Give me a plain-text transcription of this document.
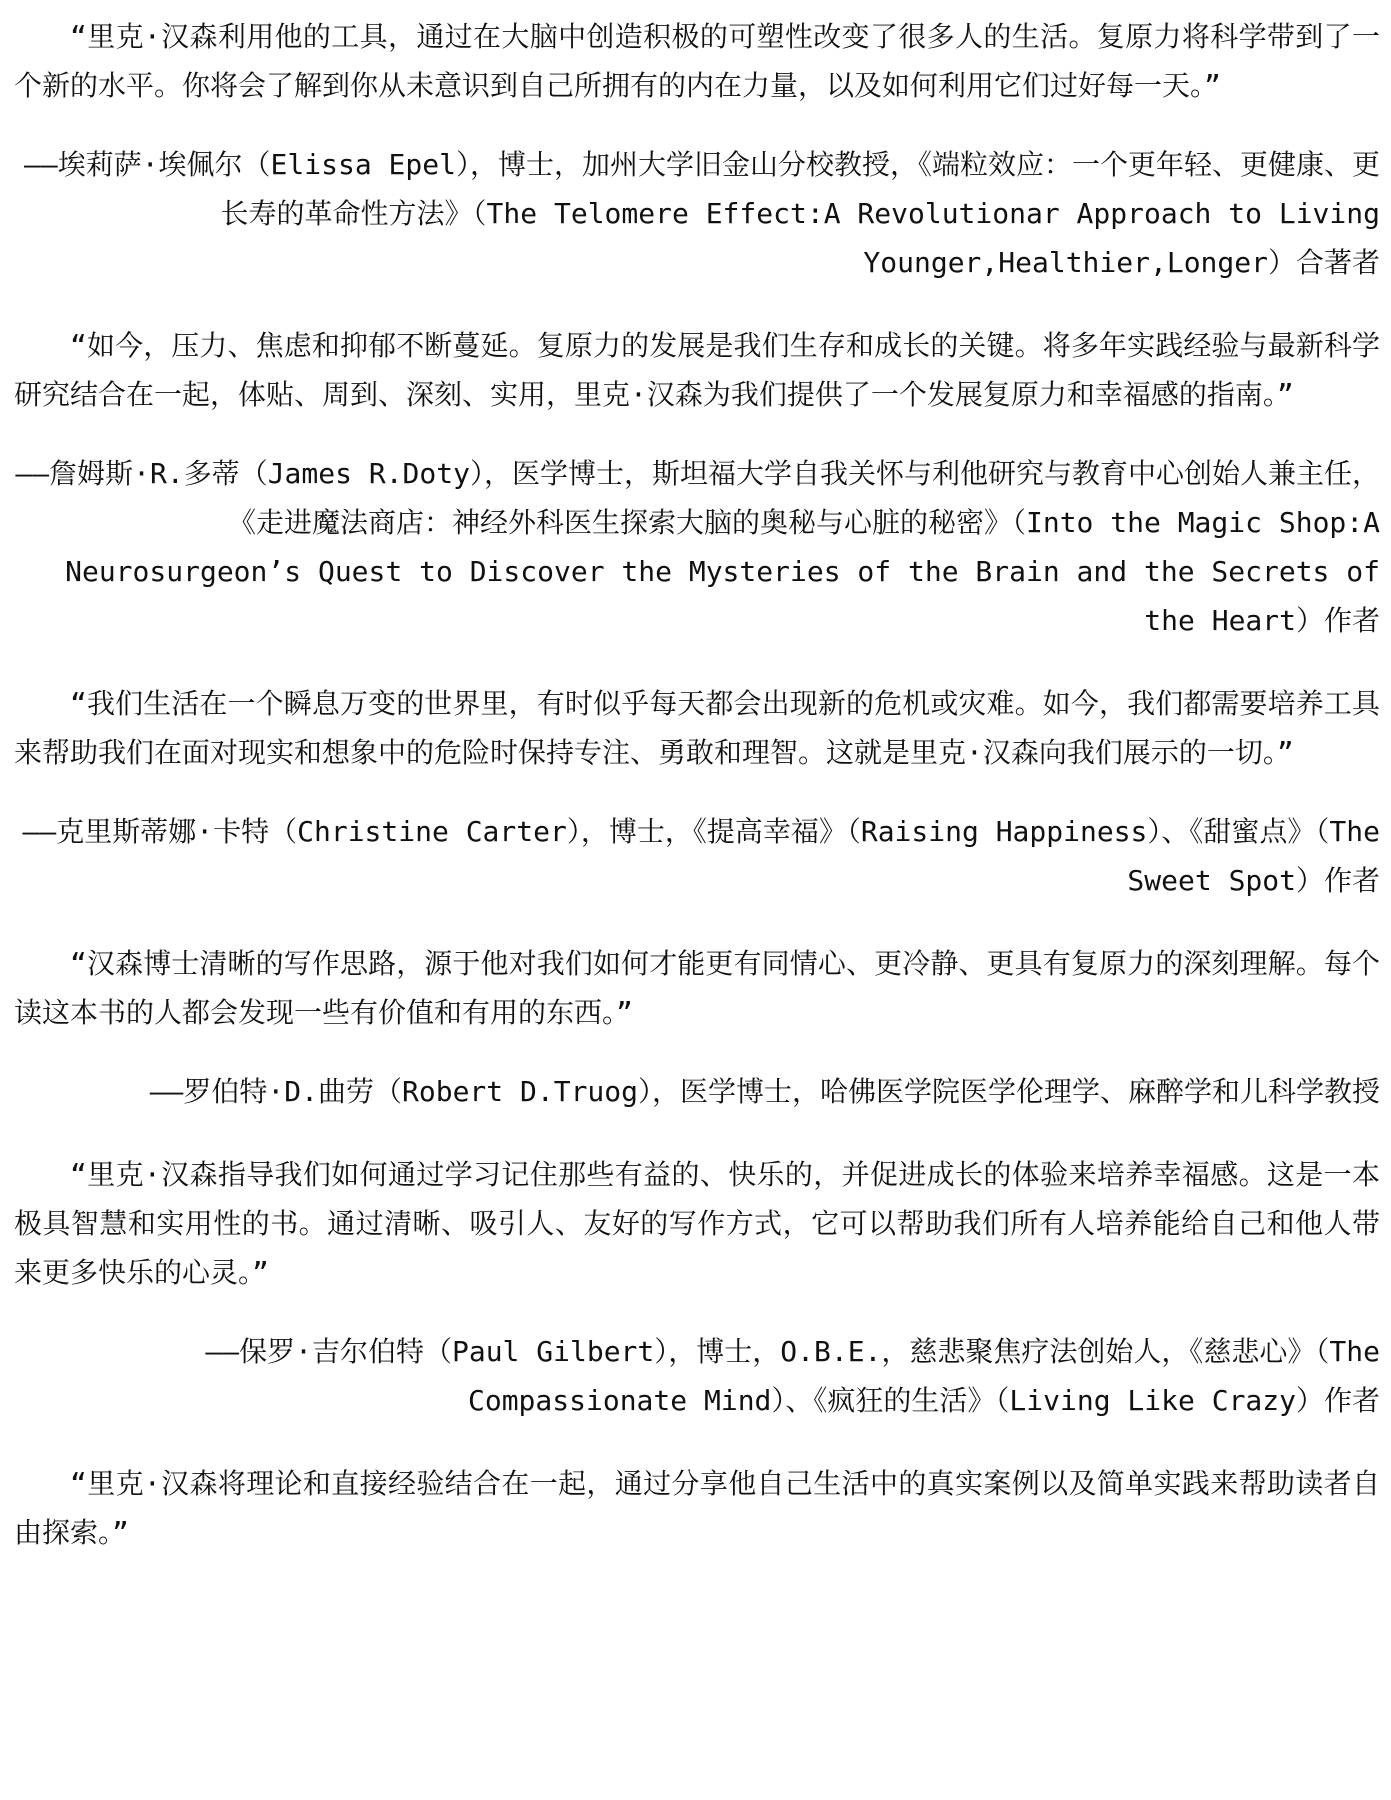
“里克·汉森利用他的工具，通过在大脑中创造积极的可塑性改变了很多人的生活。复原力将科学带到了一个新的水平。你将会了解到你从未意识到自己所拥有的内在力量，以及如何利用它们过好每一天。”

——埃莉萨·埃佩尔（Elissa Epel），博士，加州大学旧金山分校教授，《端粒效应：一个更年轻、更健康、更长寿的革命性方法》（The Telomere Effect:A Revolutionar Approach to Living Younger,Healthier,Longer）合著者

“如今，压力、焦虑和抑郁不断蔓延。复原力的发展是我们生存和成长的关键。将多年实践经验与最新科学研究结合在一起，体贴、周到、深刻、实用，里克·汉森为我们提供了一个发展复原力和幸福感的指南。”

——詹姆斯·R.多蒂（James R.Doty），医学博士，斯坦福大学自我关怀与利他研究与教育中心创始人兼主任，《走进魔法商店：神经外科医生探索大脑的奥秘与心脏的秘密》（Into the Magic Shop:A Neurosurgeon’s Quest to Discover the Mysteries of the Brain and the Secrets of the Heart）作者

“我们生活在一个瞬息万变的世界里，有时似乎每天都会出现新的危机或灾难。如今，我们都需要培养工具来帮助我们在面对现实和想象中的危险时保持专注、勇敢和理智。这就是里克·汉森向我们展示的一切。”

——克里斯蒂娜·卡特（Christine Carter），博士，《提高幸福》（Raising Happiness）、《甜蜜点》（The Sweet Spot）作者

“汉森博士清晰的写作思路，源于他对我们如何才能更有同情心、更冷静、更具有复原力的深刻理解。每个读这本书的人都会发现一些有价值和有用的东西。”

——罗伯特·D.曲劳（Robert D.Truog），医学博士，哈佛医学院医学伦理学、麻醉学和儿科学教授

“里克·汉森指导我们如何通过学习记住那些有益的、快乐的，并促进成长的体验来培养幸福感。这是一本极具智慧和实用性的书。通过清晰、吸引人、友好的写作方式，它可以帮助我们所有人培养能给自己和他人带来更多快乐的心灵。”

——保罗·吉尔伯特（Paul Gilbert），博士，O.B.E.，慈悲聚焦疗法创始人，《慈悲心》（The Compassionate Mind）、《疯狂的生活》（Living Like Crazy）作者

“里克·汉森将理论和直接经验结合在一起，通过分享他自己生活中的真实案例以及简单实践来帮助读者自由探索。”
